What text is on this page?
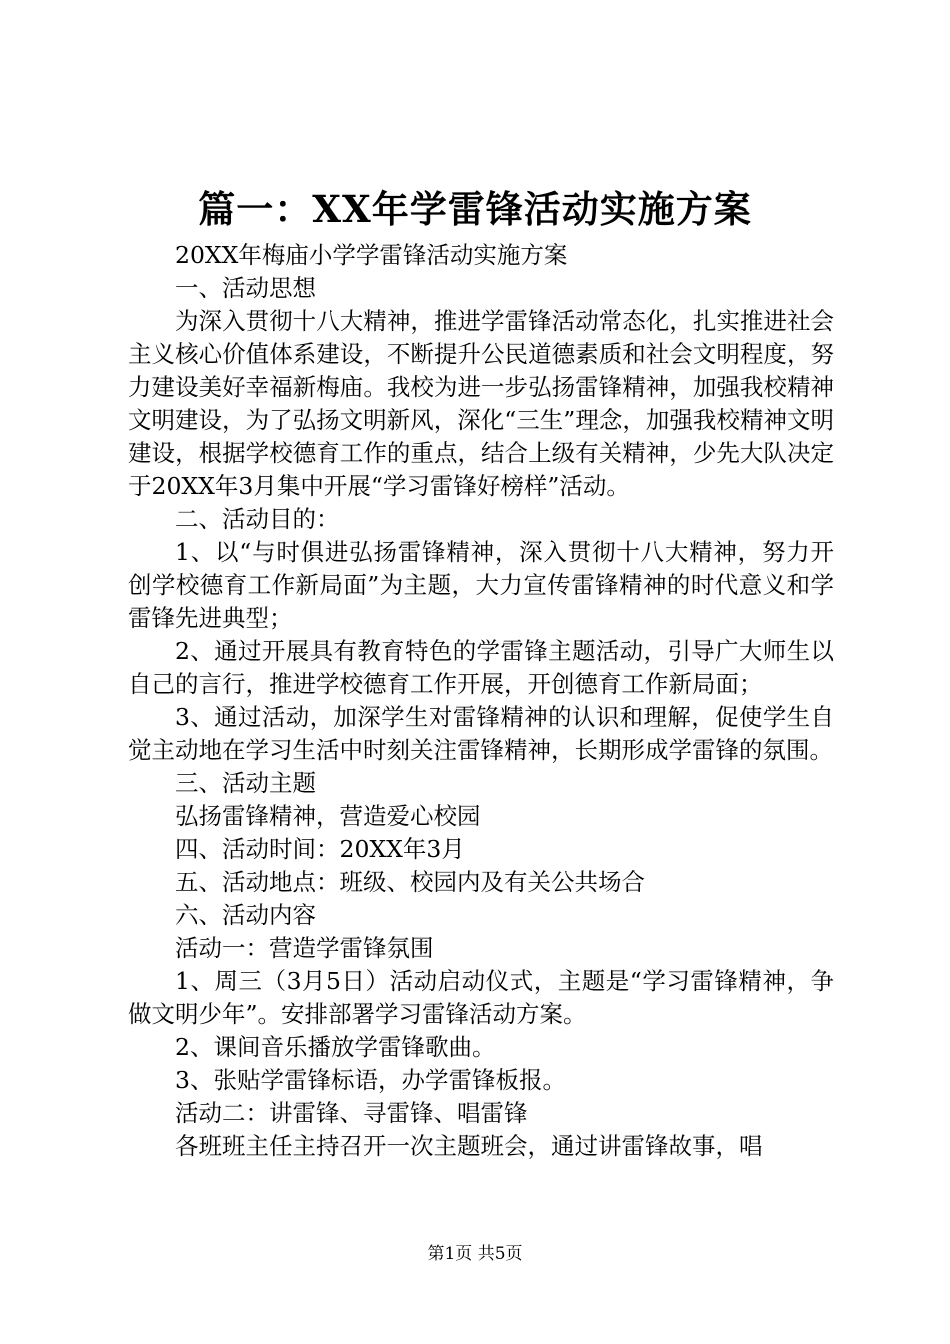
篇一：XX年学雷锋活动实施方案

20XX年梅庙小学学雷锋活动实施方案

一、活动思想

为深入贯彻十八大精神，推进学雷锋活动常态化，扎实推进社会主义核心价值体系建设，不断提升公民道德素质和社会文明程度，努力建设美好幸福新梅庙。我校为进一步弘扬雷锋精神，加强我校精神文明建设，为了弘扬文明新风，深化“三生”理念，加强我校精神文明建设，根据学校德育工作的重点，结合上级有关精神，少先大队决定于20XX年3月集中开展“学习雷锋好榜样”活动。

二、活动目的：

1、以“与时俱进弘扬雷锋精神，深入贯彻十八大精神，努力开创学校德育工作新局面”为主题，大力宣传雷锋精神的时代意义和学雷锋先进典型；

2、通过开展具有教育特色的学雷锋主题活动，引导广大师生以自己的言行，推进学校德育工作开展，开创德育工作新局面；

3、通过活动，加深学生对雷锋精神的认识和理解，促使学生自觉主动地在学习生活中时刻关注雷锋精神，长期形成学雷锋的氛围。

三、活动主题

弘扬雷锋精神，营造爱心校园

四、活动时间：20XX年3月

五、活动地点：班级、校园内及有关公共场合

六、活动内容

活动一：营造学雷锋氛围

1、周三（3月5日）活动启动仪式，主题是“学习雷锋精神，争做文明少年”。安排部署学习雷锋活动方案。

2、课间音乐播放学雷锋歌曲。

3、张贴学雷锋标语，办学雷锋板报。

活动二：讲雷锋、寻雷锋、唱雷锋

各班班主任主持召开一次主题班会，通过讲雷锋故事，唱

第1页 共5页
